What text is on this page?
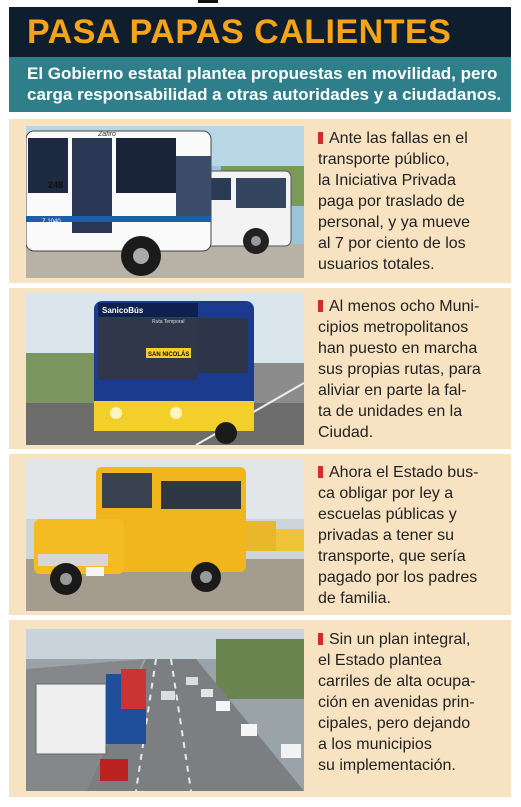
PASA PAPAS CALIENTES
El Gobierno estatal plantea propuestas en movilidad, pero
carga responsabilidad a otras autoridades y a ciudadanos.
Zafiro
248
Z 1040
Ante las fallas en el
transporte público,
la Iniciativa Privada
paga por traslado de
personal, y ya mueve
al 7 por ciento de los
usuarios totales.
SanicoBús
Ruta Temporal
SAN NICOLÁS
Al menos ocho Muni-
cipios metropolitanos
han puesto en marcha
sus propias rutas, para
aliviar en parte la fal-
ta de unidades en la
Ciudad.
Ahora el Estado bus-
ca obligar por ley a
escuelas públicas y
privadas a tener su
transporte, que sería
pagado por los padres
de familia.
Sin un plan integral,
el Estado plantea
carriles de alta ocupa-
ción en avenidas prin-
cipales, pero dejando
a los municipios
su implementación.
